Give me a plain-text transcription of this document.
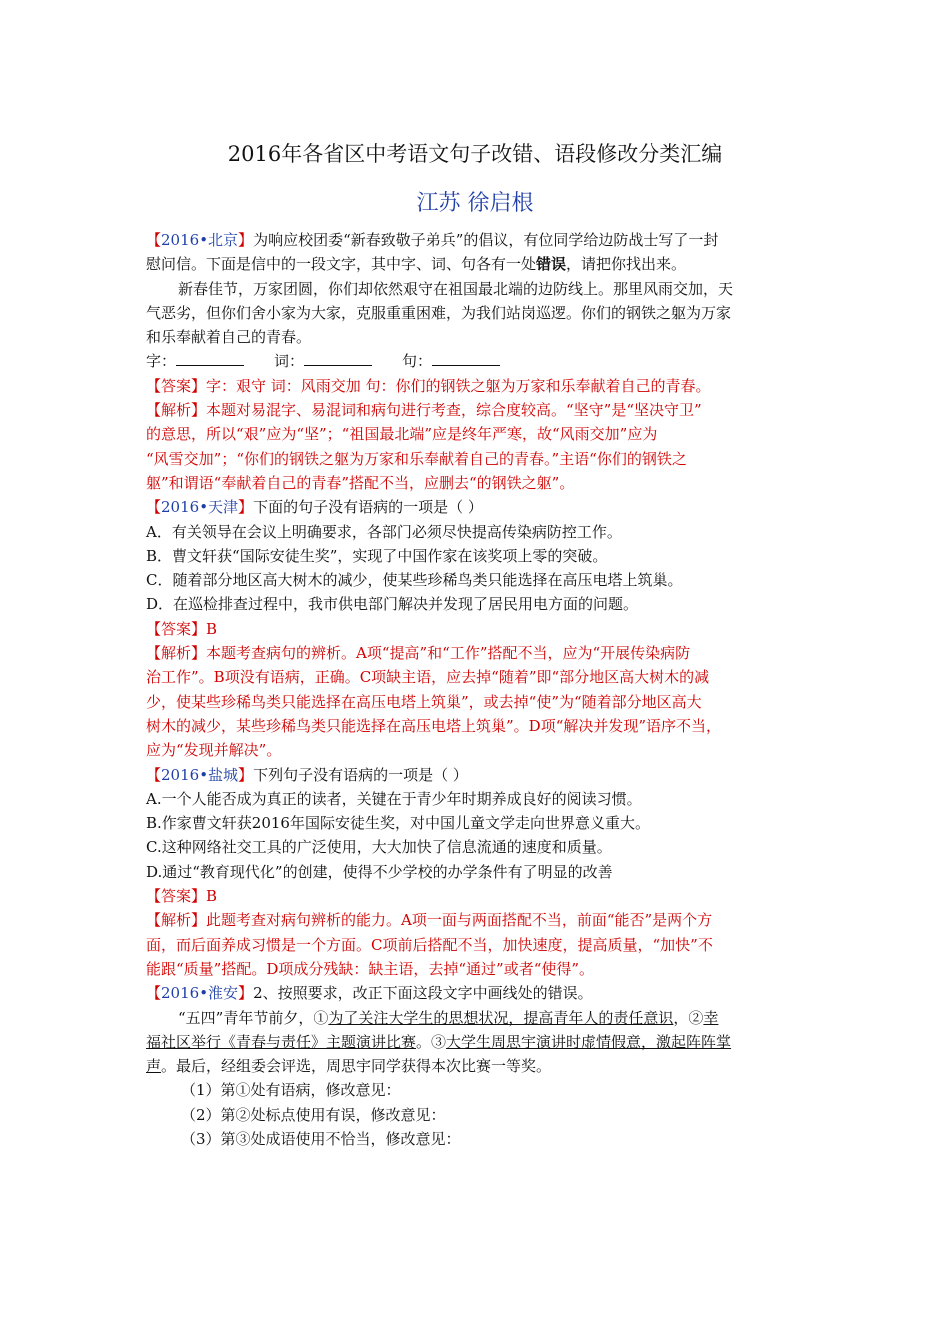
2016年各省区中考语文句子改错、语段修改分类汇编
江苏 徐启根
【2016•北京】为响应校团委“新春致敬子弟兵”的倡议，有位同学给边防战士写了一封
慰问信。下面是信中的一段文字，其中字、词、句各有一处错误，请把你找出来。
新春佳节，万家团圆，你们却依然艰守在祖国最北端的边防线上。那里风雨交加，天
气恶劣，但你们舍小家为大家，克服重重困难，为我们站岗巡逻。你们的钢铁之躯为万家
和乐奉献着自己的青春。
字：	词：	句：
【答案】字：艰守 词：风雨交加 句：你们的钢铁之躯为万家和乐奉献着自己的青春。
【解析】本题对易混字、易混词和病句进行考查，综合度较高。“坚守”是“坚决守卫”
的意思，所以“艰”应为“坚”；“祖国最北端”应是终年严寒，故“风雨交加”应为
“风雪交加”；“你们的钢铁之躯为万家和乐奉献着自己的青春。”主语“你们的钢铁之
躯”和谓语“奉献着自己的青春”搭配不当，应删去“的钢铁之躯”。
【2016•天津】下面的句子没有语病的一项是（ ）
A．有关领导在会议上明确要求，各部门必须尽快提高传染病防控工作。
B．曹文轩获“国际安徒生奖”，实现了中国作家在该奖项上零的突破。
C．随着部分地区高大树木的减少，使某些珍稀鸟类只能选择在高压电塔上筑巢。
D．在巡检排查过程中，我市供电部门解决并发现了居民用电方面的问题。
【答案】B
【解析】本题考查病句的辨析。A项“提高”和“工作”搭配不当，应为“开展传染病防
治工作”。B项没有语病，正确。C项缺主语，应去掉“随着”即“部分地区高大树木的减
少，使某些珍稀鸟类只能选择在高压电塔上筑巢”，或去掉“使”为“随着部分地区高大
树木的减少，某些珍稀鸟类只能选择在高压电塔上筑巢”。D项“解决并发现”语序不当，
应为“发现并解决”。
【2016•盐城】下列句子没有语病的一项是（ ）
A.一个人能否成为真正的读者，关键在于青少年时期养成良好的阅读习惯。
B.作家曹文轩获2016年国际安徒生奖，对中国儿童文学走向世界意义重大。
C.这种网络社交工具的广泛使用，大大加快了信息流通的速度和质量。
D.通过“教育现代化”的创建，使得不少学校的办学条件有了明显的改善
【答案】B
【解析】此题考查对病句辨析的能力。A项一面与两面搭配不当，前面“能否”是两个方
面，而后面养成习惯是一个方面。C项前后搭配不当，加快速度，提高质量，“加快”不
能跟“质量”搭配。D项成分残缺：缺主语，去掉“通过”或者“使得”。
【2016•淮安】2、按照要求，改正下面这段文字中画线处的错误。
“五四”青年节前夕，①为了关注大学生的思想状况，提高青年人的责任意识，②幸
福社区举行《青春与责任》主题演讲比赛。③大学生周思宇演讲时虚情假意，激起阵阵掌
声。最后，经组委会评选，周思宇同学获得本次比赛一等奖。
（1）第①处有语病，修改意见：
（2）第②处标点使用有误，修改意见：
（3）第③处成语使用不恰当，修改意见：
